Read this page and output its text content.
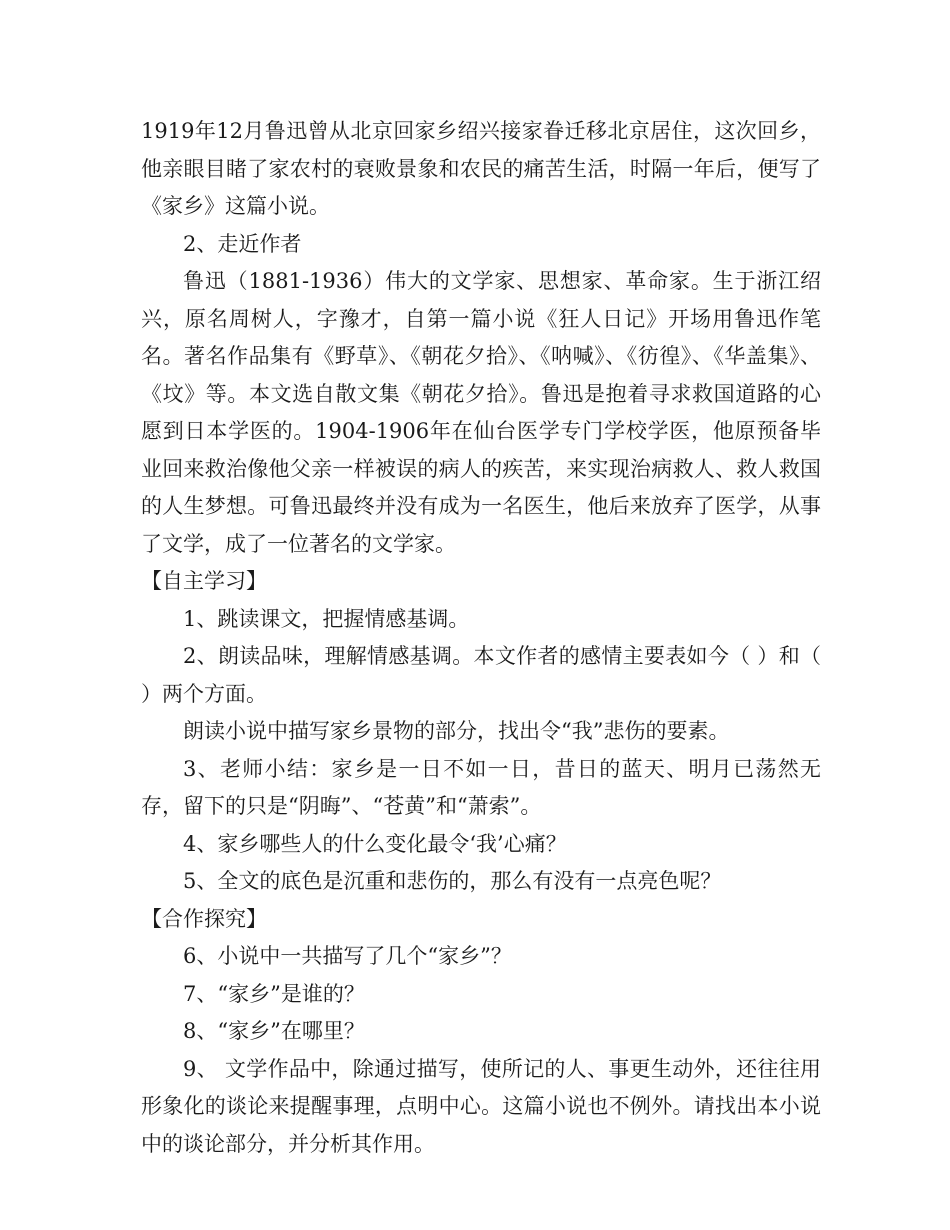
1919年12月鲁迅曾从北京回家乡绍兴接家眷迁移北京居住，这次回乡，他亲眼目睹了家农村的衰败景象和农民的痛苦生活，时隔一年后，便写了《家乡》这篇小说。

2、走近作者

鲁迅（1881-1936）伟大的文学家、思想家、革命家。生于浙江绍兴，原名周树人，字豫才，自第一篇小说《狂人日记》开场用鲁迅作笔名。著名作品集有《野草》、《朝花夕拾》、《呐喊》、《彷徨》、《华盖集》、《坟》等。本文选自散文集《朝花夕拾》。鲁迅是抱着寻求救国道路的心愿到日本学医的。1904-1906年在仙台医学专门学校学医，他原预备毕业回来救治像他父亲一样被误的病人的疾苦，来实现治病救人、救人救国的人生梦想。可鲁迅最终并没有成为一名医生，他后来放弃了医学，从事了文学，成了一位著名的文学家。

【自主学习】

1、跳读课文，把握情感基调。

2、朗读品味，理解情感基调。本文作者的感情主要表如今（ ）和（ ）两个方面。

朗读小说中描写家乡景物的部分，找出令“我”悲伤的要素。

3、老师小结：家乡是一日不如一日，昔日的蓝天、明月已荡然无存，留下的只是“阴晦”、“苍黄”和“萧索”。

4、家乡哪些人的什么变化最令‘我’心痛？

5、全文的底色是沉重和悲伤的，那么有没有一点亮色呢？

【合作探究】

6、小说中一共描写了几个“家乡”？

7、“家乡”是谁的？

8、“家乡”在哪里？

9、 文学作品中，除通过描写，使所记的人、事更生动外，还往往用形象化的谈论来提醒事理，点明中心。这篇小说也不例外。请找出本小说中的谈论部分，并分析其作用。
